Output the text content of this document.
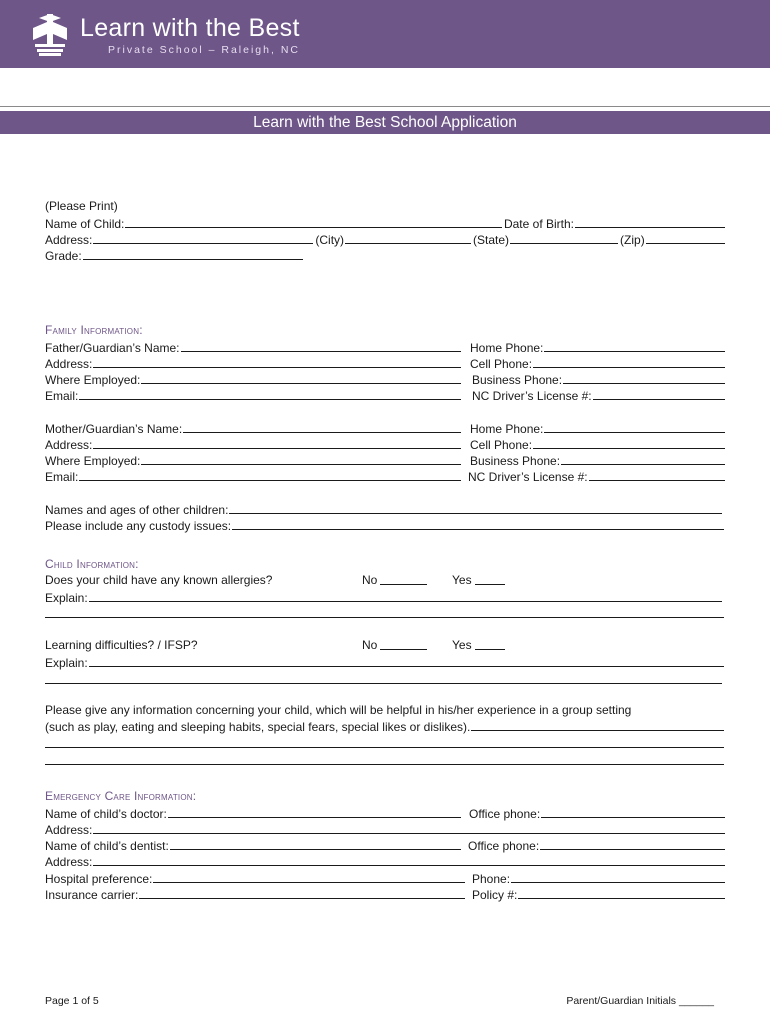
Learn with the Best
Private School – Raleigh, NC
Learn with the Best School Application
(Please Print)
Name of Child:	Date of Birth:
Address:	(City)	(State)	(Zip)
Grade:
Family Information:
Father/Guardian’s Name:	Home Phone:
Address:	Cell Phone:
Where Employed:	Business Phone:
Email:	NC Driver’s License #:
Mother/Guardian’s Name:	Home Phone:
Address:	Cell Phone:
Where Employed:	Business Phone:
Email:	NC Driver’s License #:
Names and ages of other children:
Please include any custody issues:
Child Information:
Does your child have any known allergies?	No	Yes
Explain:
Learning difficulties? / IFSP?	No	Yes
Explain:
Please give any information concerning your child, which will be helpful in his/her experience in a group setting
(such as play, eating and sleeping habits, special fears, special likes or dislikes).
Emergency Care Information:
Name of child’s doctor:	Office phone:
Address:
Name of child’s dentist:	Office phone:
Address:
Hospital preference:	Phone:
Insurance carrier:	Policy #:
Page 1 of 5	Parent/Guardian Initials ______
